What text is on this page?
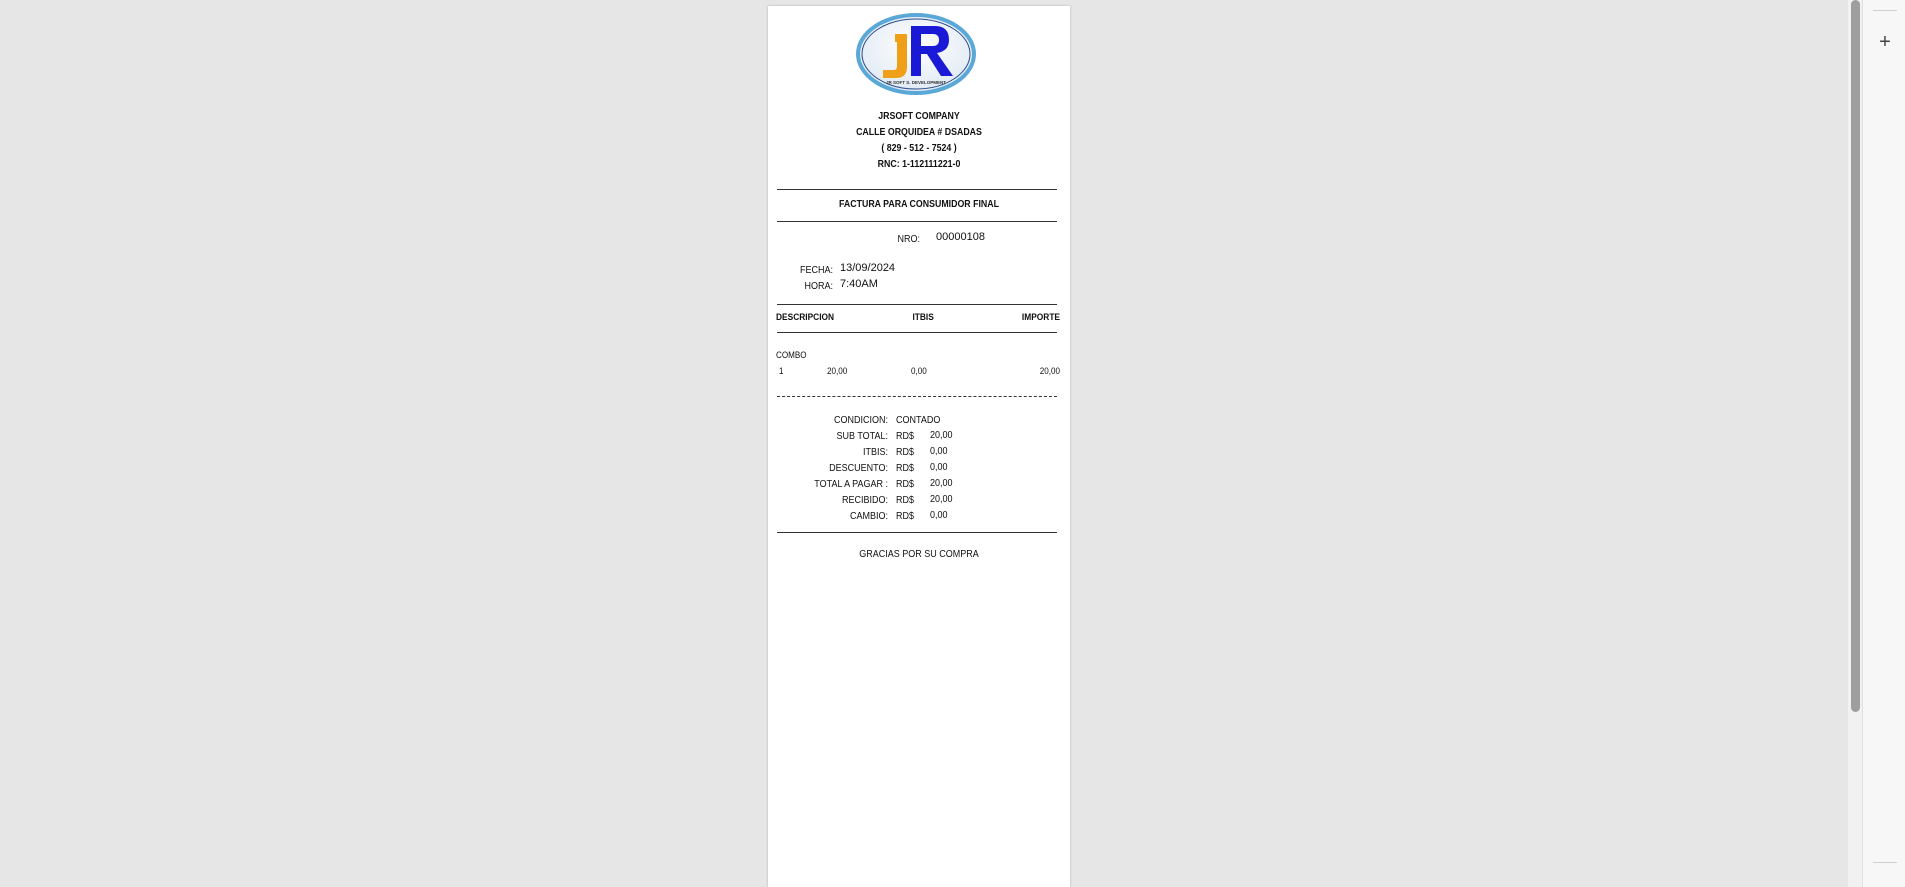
JR SOFT S. DEVELOPMENT
JRSOFT COMPANY
CALLE ORQUIDEA # DSADAS
( 829 - 512 - 7524 )
RNC: 1-112111221-0
FACTURA PARA CONSUMIDOR FINAL
NRO: 00000108
FECHA: 13/09/2024
HORA: 7:40AM
DESCRIPCION	ITBIS	IMPORTE
COMBO
1	20,00	0,00	20,00
CONDICION: CONTADO
SUB TOTAL: RD$ 20,00
ITBIS: RD$ 0,00
DESCUENTO: RD$ 0,00
TOTAL A PAGAR : RD$ 20,00
RECIBIDO: RD$ 20,00
CAMBIO: RD$ 0,00
GRACIAS POR SU COMPRA
+
